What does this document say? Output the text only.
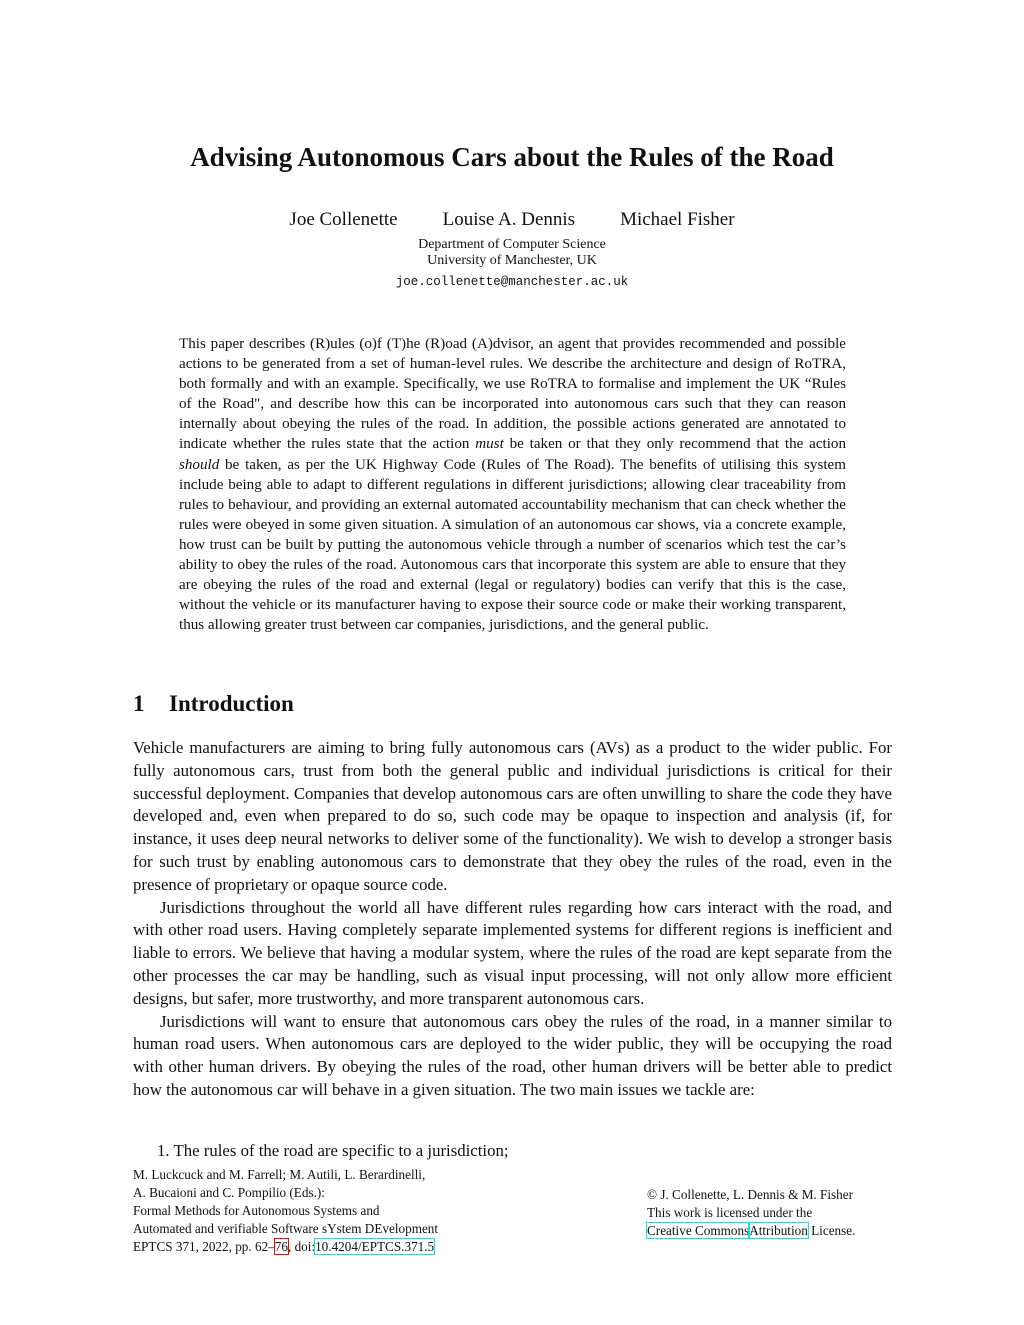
Advising Autonomous Cars about the Rules of the Road
Joe Collenette Louise A. Dennis Michael Fisher
Department of Computer Science
University of Manchester, UK
joe.collenette@manchester.ac.uk

This paper describes (R)ules (o)f (T)he (R)oad (A)dvisor, an agent that provides recommended and possible actions to be generated from a set of human-level rules. We describe the architecture and design of RoTRA, both formally and with an example. Specifically, we use RoTRA to formalise and implement the UK “Rules of the Road", and describe how this can be incorporated into autonomous cars such that they can reason internally about obeying the rules of the road. In addition, the possible actions generated are annotated to indicate whether the rules state that the action must be taken or that they only recommend that the action should be taken, as per the UK Highway Code (Rules of The Road). The benefits of utilising this system include being able to adapt to different regulations in different jurisdictions; allowing clear traceability from rules to behaviour, and providing an external automated accountability mechanism that can check whether the rules were obeyed in some given situation. A simulation of an autonomous car shows, via a concrete example, how trust can be built by putting the autonomous vehicle through a number of scenarios which test the car’s ability to obey the rules of the road. Autonomous cars that incorporate this system are able to ensure that they are obeying the rules of the road and external (legal or regulatory) bodies can verify that this is the case, without the vehicle or its manufacturer having to expose their source code or make their working transparent, thus allowing greater trust between car companies, jurisdictions, and the general public.

1 Introduction

Vehicle manufacturers are aiming to bring fully autonomous cars (AVs) as a product to the wider public. For fully autonomous cars, trust from both the general public and individual jurisdictions is critical for their successful deployment. Companies that develop autonomous cars are often unwilling to share the code they have developed and, even when prepared to do so, such code may be opaque to inspection and analysis (if, for instance, it uses deep neural networks to deliver some of the functionality). We wish to develop a stronger basis for such trust by enabling autonomous cars to demonstrate that they obey the rules of the road, even in the presence of proprietary or opaque source code.

Jurisdictions throughout the world all have different rules regarding how cars interact with the road, and with other road users. Having completely separate implemented systems for different regions is inefficient and liable to errors. We believe that having a modular system, where the rules of the road are kept separate from the other processes the car may be handling, such as visual input processing, will not only allow more efficient designs, but safer, more trustworthy, and more transparent autonomous cars.

Jurisdictions will want to ensure that autonomous cars obey the rules of the road, in a manner similar to human road users. When autonomous cars are deployed to the wider public, they will be occupying the road with other human drivers. By obeying the rules of the road, other human drivers will be better able to predict how the autonomous car will behave in a given situation. The two main issues we tackle are:

1. The rules of the road are specific to a jurisdiction;
M. Luckcuck and M. Farrell; M. Autili, L. Berardinelli,
A. Bucaioni and C. Pompilio (Eds.):
Formal Methods for Autonomous Systems and
Automated and verifiable Software sYstem DEvelopment
EPTCS 371, 2022, pp. 62–76, doi:10.4204/EPTCS.371.5
© J. Collenette, L. Dennis & M. Fisher
This work is licensed under the
Creative CommonsAttribution License.
